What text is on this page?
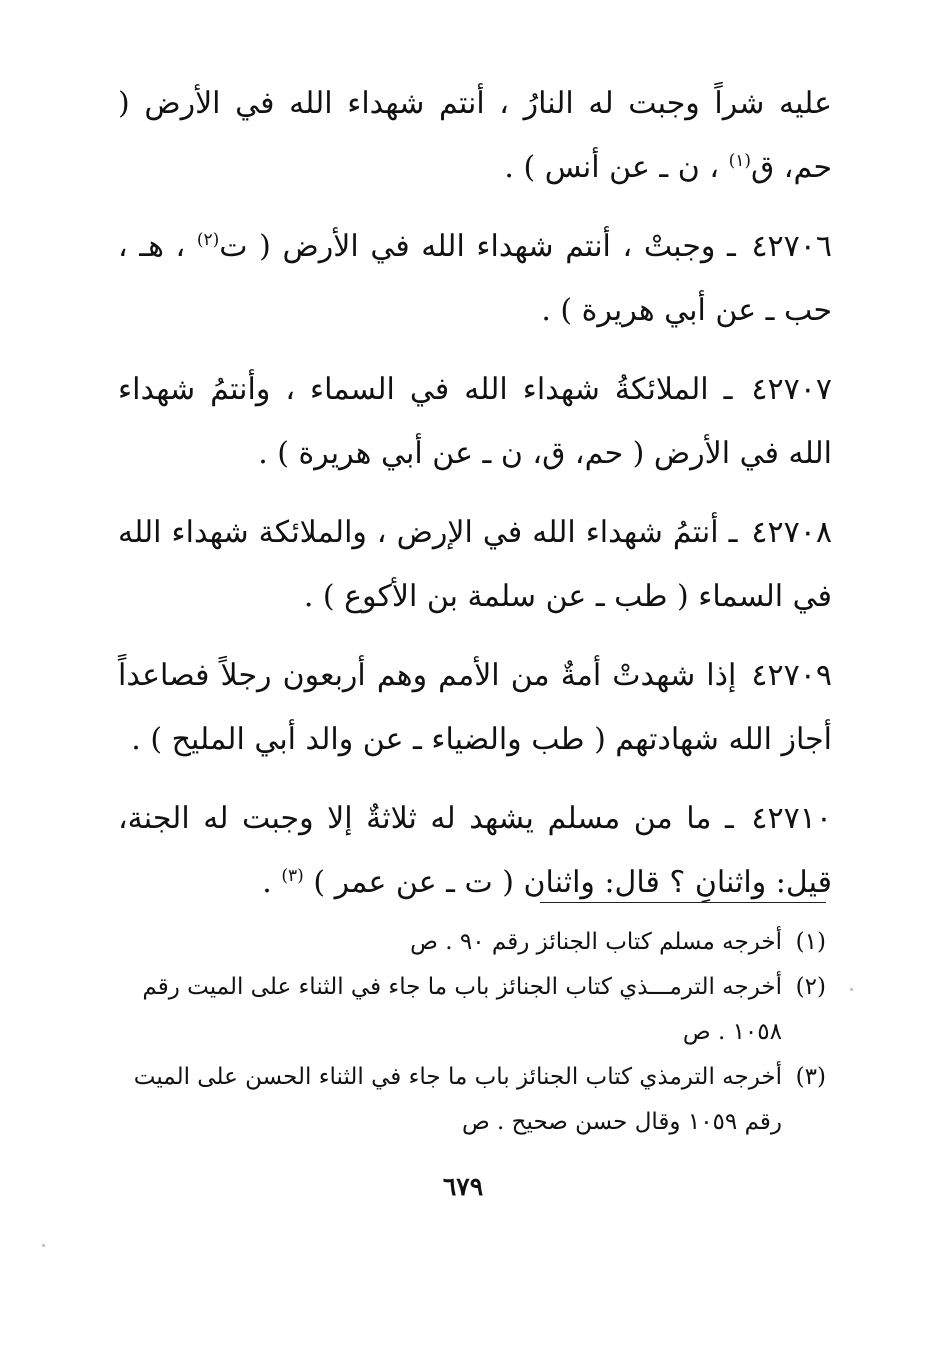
عليه شراً وجبت له النارُ ، أنتم شهداء الله في الأرض ( حم، ق$^{(١)}$ ، ن ـ عن أنس ) .

٤٢٧٠٦ ـ وجبتْ ، أنتم شهداء الله في الأرض ( ت$^{(٢)}$ ، هـ ، حب ـ عن أبي هريرة ) .

٤٢٧٠٧ ـ الملائكةُ شهداء الله في السماء ، وأنتمُ شهداء الله في الأرض ( حم، ق، ن ـ عن أبي هريرة ) .

٤٢٧٠٨ ـ أنتمُ شهداء الله في الإرض ، والملائكة شهداء الله في السماء ( طب ـ عن سلمة بن الأكوع ) .

٤٢٧٠٩ إذا شهدتْ أمةٌ من الأمم وهم أربعون رجلاً فصاعداً أجاز الله شهادتهم ( طب والضياء ـ عن والد أبي المليح ) .

٤٢٧١٠ ـ ما من مسلم يشهد له ثلاثةٌ إلا وجبت له الجنة، قيل: واثنانِ ؟ قال: واثنان ( ت ـ عن عمر ) $^{(٣)}$ .

(١)
أخرجه مسلم كتاب الجنائز رقم ٩٠ . ص

(٢)
أخرجه الترمـــذي كتاب الجنائز باب ما جاء في الثناء على الميت رقم ١٠٥٨ . ص

(٣)
أخرجه الترمذي كتاب الجنائز باب ما جاء في الثناء الحسن على الميت رقم ١٠٥٩ وقال حسن صحيح . ص

٦٧٩
